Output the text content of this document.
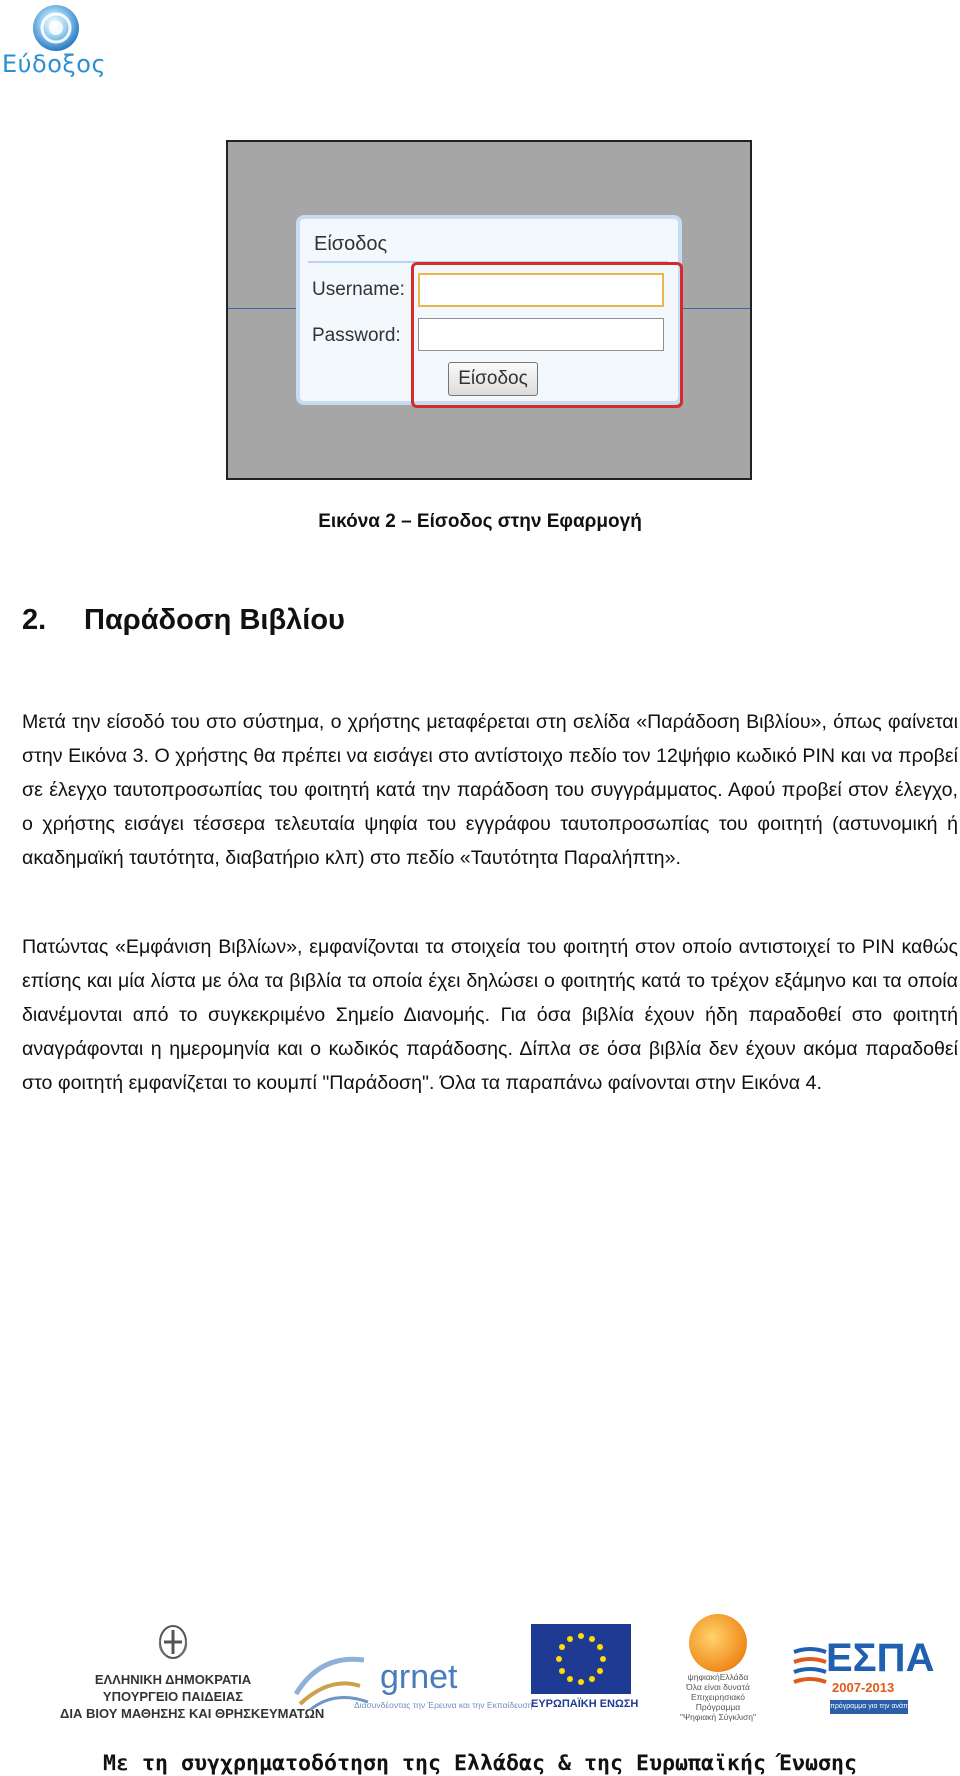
Εύδοξος
Είσοδος
Username:
Password:
Είσοδος
Εικόνα 2 – Είσοδος στην Εφαρμογή
2. Παράδοση Βιβλίου
Μετά την είσοδό του στο σύστημα, ο χρήστης μεταφέρεται στη σελίδα «Παράδοση Βιβλίου», όπως φαίνεται στην Εικόνα 3. Ο χρήστης θα πρέπει να εισάγει στο αντίστοιχο πεδίο τον 12ψήφιο κωδικό PIN και να προβεί σε έλεγχο ταυτοπροσωπίας του φοιτητή κατά την παράδοση του συγγράμματος. Αφού προβεί στον έλεγχο, ο χρήστης εισάγει τέσσερα τελευταία ψηφία του εγγράφου ταυτοπροσωπίας του φοιτητή (αστυνομική ή ακαδημαϊκή ταυτότητα, διαβατήριο κλπ) στο πεδίο «Ταυτότητα Παραλήπτη».
Πατώντας «Εμφάνιση Βιβλίων», εμφανίζονται τα στοιχεία του φοιτητή στον οποίο αντιστοιχεί το PIN καθώς επίσης και μία λίστα με όλα τα βιβλία τα οποία έχει δηλώσει ο φοιτητής κατά το τρέχον εξάμηνο και τα οποία διανέμονται από το συγκεκριμένο Σημείο Διανομής. Για όσα βιβλία έχουν ήδη παραδοθεί στο φοιτητή αναγράφονται η ημερομηνία και ο κωδικός παράδοσης. Δίπλα σε όσα βιβλία δεν έχουν ακόμα παραδοθεί στο φοιτητή εμφανίζεται το κουμπί "Παράδοση". Όλα τα παραπάνω φαίνονται στην Εικόνα 4.
ΕΛΛΗΝΙΚΗ ΔΗΜΟΚΡΑΤΙΑ
ΥΠΟΥΡΓΕΙΟ ΠΑΙΔΕΙΑΣ
ΔΙΑ ΒΙΟΥ ΜΑΘΗΣΗΣ ΚΑΙ ΘΡΗΣΚΕΥΜΑΤΩΝ
grnet
Διασυνδέοντας την Έρευνα και την Εκπαίδευση
ΕΥΡΩΠΑΪΚΗ ΕΝΩΣΗ
ψηφιακήΕλλάδα
Όλα είναι δυνατά
Επιχειρησιακό Πρόγραμμα
"Ψηφιακή Σύγκλιση"
ΕΣΠΑ
2007-2013
πρόγραμμα για την ανάπτυξη
Με τη συγχρηματοδότηση της Ελλάδας & της Ευρωπαϊκής Ένωσης
